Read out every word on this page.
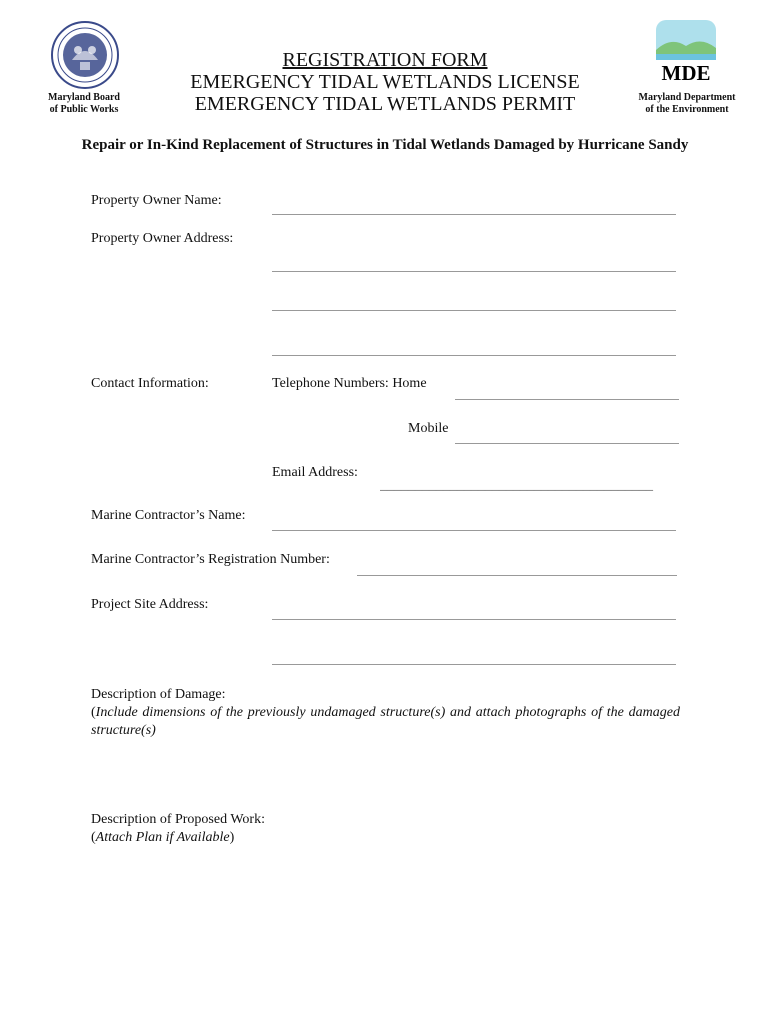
Maryland Board
of Public Works
REGISTRATION FORM
EMERGENCY TIDAL WETLANDS LICENSE
EMERGENCY TIDAL WETLANDS PERMIT
MDE
Maryland Department
of the Environment
Repair or In-Kind Replacement of Structures in Tidal Wetlands Damaged by Hurricane Sandy
Property Owner Name:
Property Owner Address:
Contact Information:	Telephone Numbers: Home
Mobile
Email Address:
_______________________________________
Marine Contractor’s Name:
Marine Contractor’s Registration Number:
Project Site Address:
Description of Damage:
(Include dimensions of the previously undamaged structure(s) and attach photographs of the damaged structure(s)
Description of Proposed Work:
(Attach Plan if Available)
